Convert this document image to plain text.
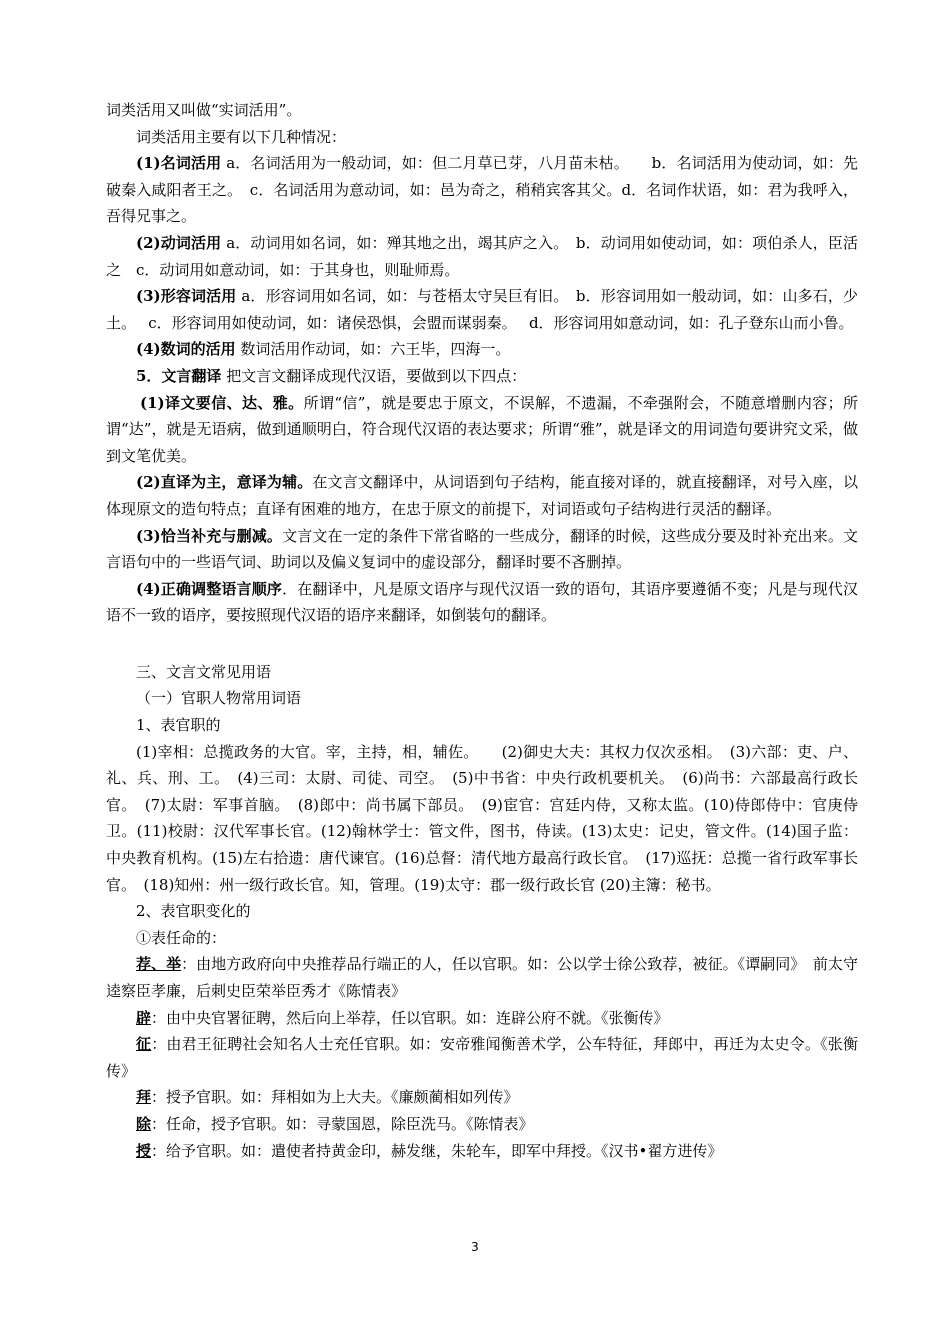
词类活用又叫做“实词活用”。

词类活用主要有以下几种情况：

(1)名词活用 a．名词活用为一般动词，如：但二月草已芽，八月苗未枯。　　b．名词活用为使动词，如：先破秦入咸阳者王之。　c．名词活用为意动词，如：邑为奇之，稍稍宾客其父。d．名词作状语，如：君为我呼入，吾得兄事之。

(2)动词活用 a．动词用如名词，如：殚其地之出，竭其庐之入。　b．动词用如使动词，如：项伯杀人，臣活之　c．动词用如意动词，如：于其身也，则耻师焉。

(3)形容词活用 a．形容词用如名词，如：与苍梧太守吴巨有旧。　b．形容词用如一般动词，如：山多石，少土。　 c．形容词用如使动词，如：诸侯恐惧，会盟而谋弱秦。　 d．形容词用如意动词，如：孔子登东山而小鲁。

(4)数词的活用 数词活用作动词，如：六王毕，四海一。

5．文言翻译 把文言文翻译成现代汉语，要做到以下四点：

(1)译文要信、达、雅。所谓“信”，就是要忠于原文，不误解，不遗漏，不牵强附会，不随意增删内容；所谓“达”，就是无语病，做到通顺明白，符合现代汉语的表达要求；所谓“雅”，就是译文的用词造句要讲究文采，做到文笔优美。

(2)直译为主，意译为辅。在文言文翻译中，从词语到句子结构，能直接对译的，就直接翻译，对号入座，以体现原文的造句特点；直译有困难的地方，在忠于原文的前提下，对词语或句子结构进行灵活的翻译。

(3)恰当补充与删减。文言文在一定的条件下常省略的一些成分，翻译的时候，这些成分要及时补充出来。文言语句中的一些语气词、助词以及偏义复词中的虚设部分，翻译时要不吝删掉。

(4)正确调整语言顺序．在翻译中，凡是原文语序与现代汉语一致的语句，其语序要遵循不变；凡是与现代汉语不一致的语序，要按照现代汉语的语序来翻译，如倒装句的翻译。

三、文言文常见用语

（一）官职人物常用词语

1、表官职的

(1)宰相：总揽政务的大官。宰，主持，相，辅佐。　　(2)御史大夫：其权力仅次丞相。　(3)六部：吏、户、礼、兵、刑、工。　(4)三司：太尉、司徒、司空。　(5)中书省：中央行政机要机关。　(6)尚书：六部最高行政长官。　(7)太尉：军事首脑。　(8)郎中：尚书属下部员。　(9)宦官：宫廷内侍，又称太监。(10)侍郎侍中：官庚侍卫。(11)校尉：汉代军事长官。(12)翰林学士：管文件，图书，侍读。(13)太史：记史，管文件。(14)国子监：中央教育机构。(15)左右拾遗：唐代谏官。(16)总督：清代地方最高行政长官。　(17)巡抚：总揽一省行政军事长官。　(18)知州：州一级行政长官。知，管理。(19)太守：郡一级行政长官 (20)主簿：秘书。

2、表官职变化的

①表任命的：

荐、举：由地方政府向中央推荐品行端正的人，任以官职。如：公以学士徐公致荐，被征。《谭嗣同》　前太守逵察臣孝廉，后刺史臣荣举臣秀才《陈情表》

辟：由中央官署征聘，然后向上举荐，任以官职。如：连辟公府不就。《张衡传》

征：由君王征聘社会知名人士充任官职。如：安帝雅闻衡善术学，公车特征，拜郎中，再迁为太史令。《张衡传》

拜：授予官职。如：拜相如为上大夫。《廉颇蔺相如列传》

除：任命，授予官职。如：寻蒙国恩，除臣洗马。《陈情表》

授：给予官职。如：遣使者持黄金印，赫发继，朱轮车，即军中拜授。《汉书•翟方进传》

3
